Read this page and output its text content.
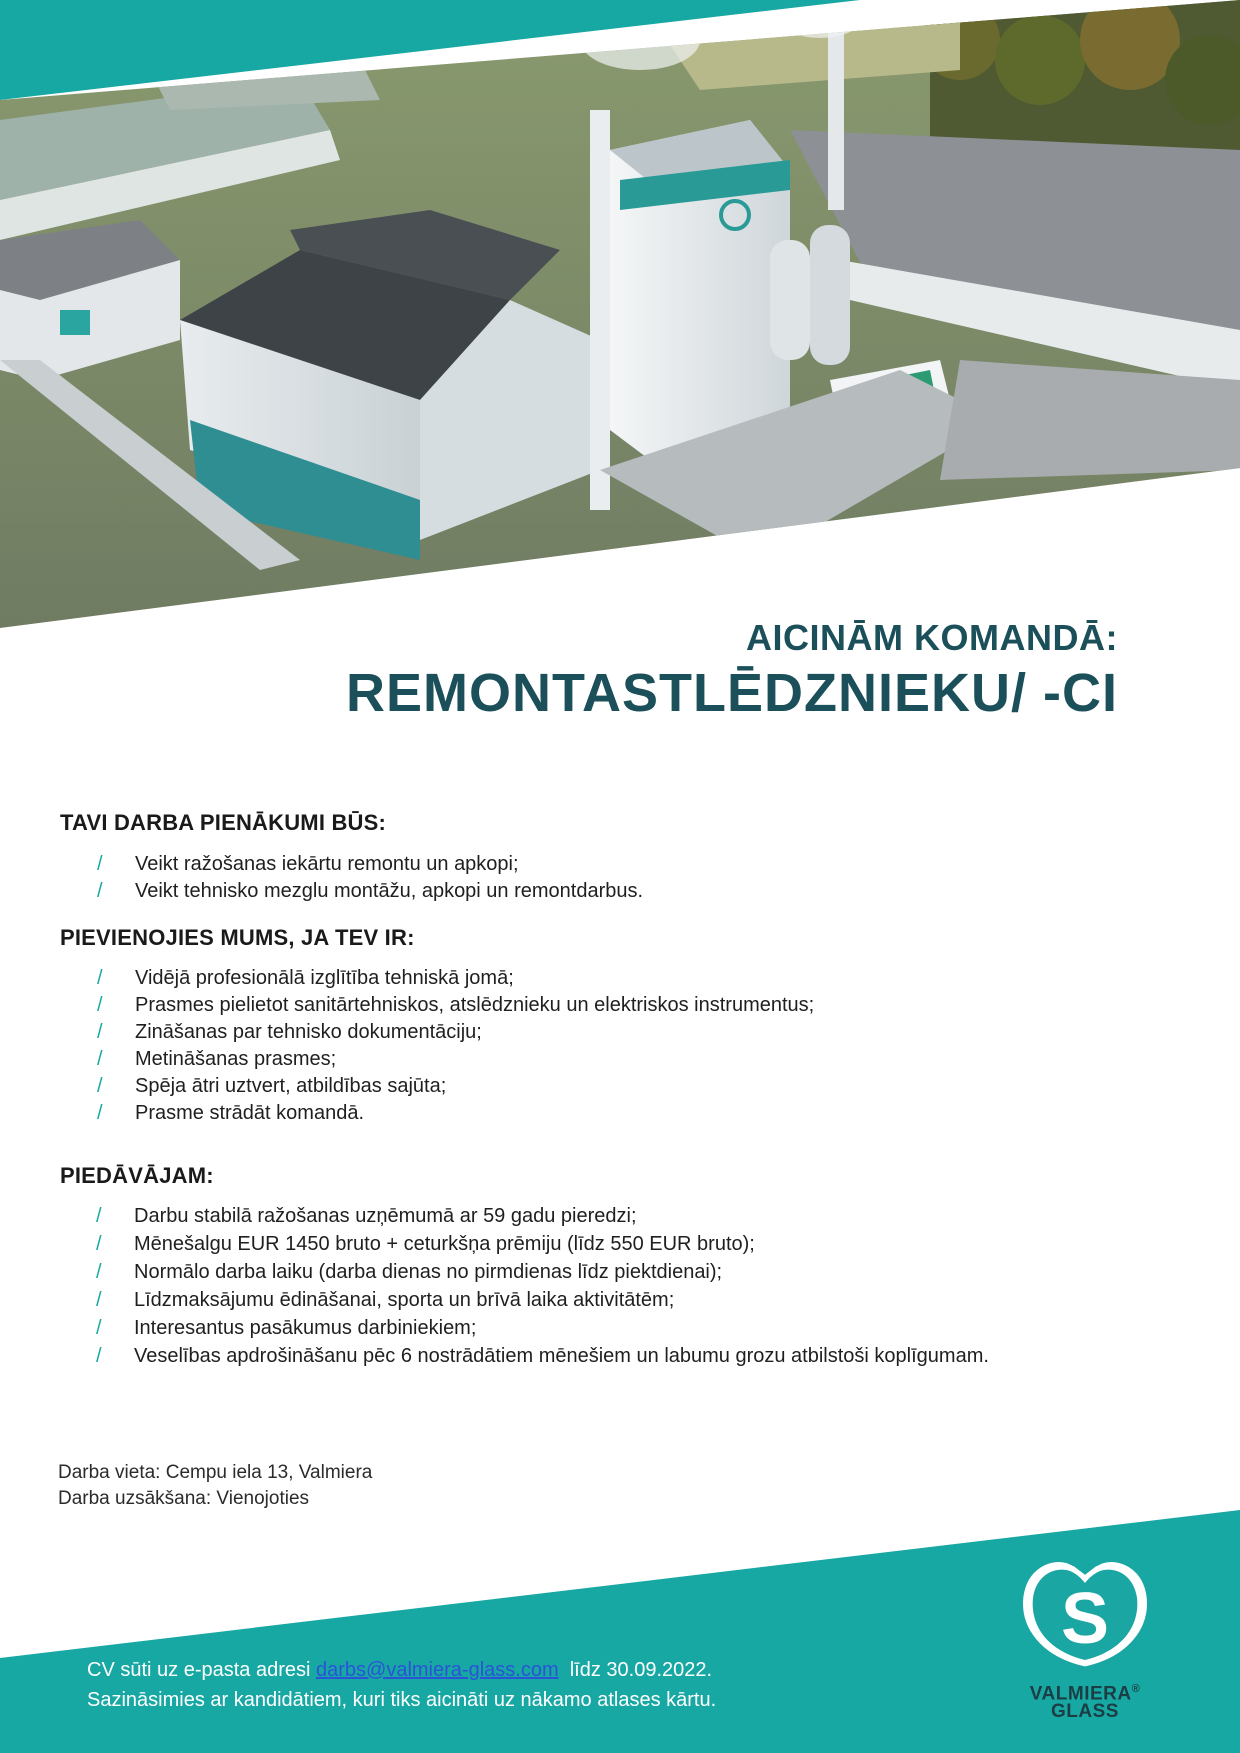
AICINĀM KOMANDĀ:
REMONTASTLĒDZNIEKU/ -CI
TAVI DARBA PIENĀKUMI BŪS:
/	Veikt ražošanas iekārtu remontu un apkopi;
/	Veikt tehnisko mezglu montāžu, apkopi un remontdarbus.
PIEVIENOJIES MUMS, JA TEV IR:
/	Vidējā profesionālā izglītība tehniskā jomā;
/	Prasmes pielietot sanitārtehniskos, atslēdznieku un elektriskos instrumentus;
/	Zināšanas par tehnisko dokumentāciju;
/	Metināšanas prasmes;
/	Spēja ātri uztvert, atbildības sajūta;
/	Prasme strādāt komandā.
PIEDĀVĀJAM:
/	Darbu stabilā ražošanas uzņēmumā ar 59 gadu pieredzi;
/	Mēnešalgu EUR 1450 bruto + ceturkšņa prēmiju (līdz 550 EUR bruto);
/	Normālo darba laiku (darba dienas no pirmdienas līdz piektdienai);
/	Līdzmaksājumu ēdināšanai, sporta un brīvā laika aktivitātēm;
/	Interesantus pasākumus darbiniekiem;
/	Veselības apdrošināšanu pēc 6 nostrādātiem mēnešiem un labumu grozu atbilstoši koplīgumam.
Darba vieta: Cempu iela 13, Valmiera
Darba uzsākšana: Vienojoties
CV sūti uz e-pasta adresi darbs@valmiera-glass.com  līdz 30.09.2022.
Sazināsimies ar kandidātiem, kuri tiks aicināti uz nākamo atlases kārtu.
S
VALMIERA®
GLASS
